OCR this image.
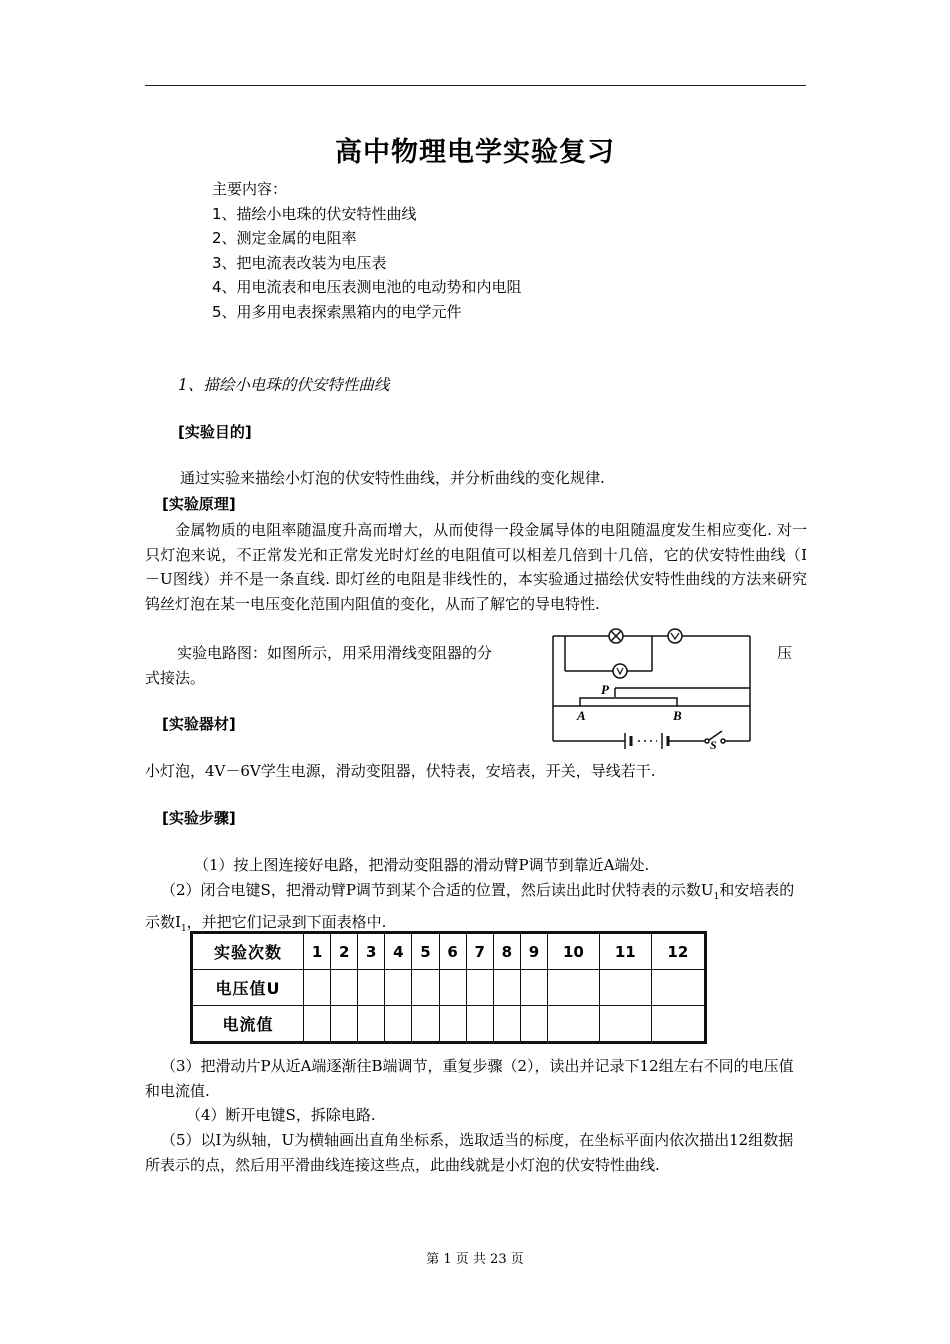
高中物理电学实验复习
主要内容：
1、描绘小电珠的伏安特性曲线
2、测定金属的电阻率
3、把电流表改装为电压表
4、用电流表和电压表测电池的电动势和内电阻
5、用多用电表探索黑箱内的电学元件
1、描绘小电珠的伏安特性曲线
[实验目的]
通过实验来描绘小灯泡的伏安特性曲线，并分析曲线的变化规律.
[实验原理]
金属物质的电阻率随温度升高而增大，从而使得一段金属导体的电阻随温度发生相应变化. 对一只灯泡来说，不正常发光和正常发光时灯丝的电阻值可以相差几倍到十几倍，它的伏安特性曲线（I－U图线）并不是一条直线. 即灯丝的电阻是非线性的，本实验通过描绘伏安特性曲线的方法来研究钨丝灯泡在某一电压变化范围内阻值的变化，从而了解它的导电特性.
实验电路图：如图所示，用采用滑线变阻器的分	压
式接法。
P
A	B
S
[实验器材]
小灯泡，4V－6V学生电源，滑动变阻器，伏特表，安培表，开关，导线若干.
[实验步骤]
（1）按上图连接好电路，把滑动变阻器的滑动臂P调节到靠近A端处.
（2）闭合电键S，把滑动臂P调节到某个合适的位置，然后读出此时伏特表的示数$U_1$和安培表的示数$I_1$，并把它们记录到下面表格中.
实验次数	1	2	3	4	5	6	7	8	9	10	11	12
电压值U												
电流值												
（3）把滑动片P从近A端逐渐往B端调节，重复步骤（2），读出并记录下12组左右不同的电压值和电流值.
（4）断开电键S，拆除电路.
（5）以I为纵轴，U为横轴画出直角坐标系，选取适当的标度，在坐标平面内依次描出12组数据所表示的点，然后用平滑曲线连接这些点，此曲线就是小灯泡的伏安特性曲线.
第 1 页 共 23 页
